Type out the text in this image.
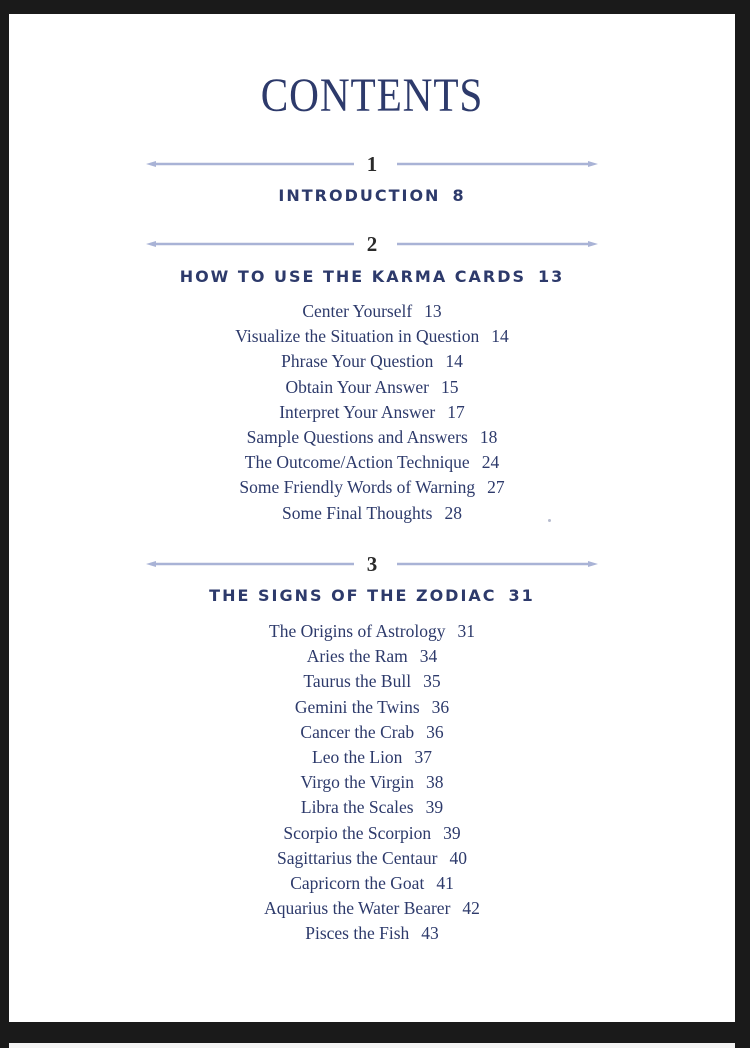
CONTENTS
1
INTRODUCTION 8
2
HOW TO USE THE KARMA CARDS 13
Center Yourself 13
Visualize the Situation in Question 14
Phrase Your Question 14
Obtain Your Answer 15
Interpret Your Answer 17
Sample Questions and Answers 18
The Outcome/Action Technique 24
Some Friendly Words of Warning 27
Some Final Thoughts 28
3
THE SIGNS OF THE ZODIAC 31
The Origins of Astrology 31
Aries the Ram 34
Taurus the Bull 35
Gemini the Twins 36
Cancer the Crab 36
Leo the Lion 37
Virgo the Virgin 38
Libra the Scales 39
Scorpio the Scorpion 39
Sagittarius the Centaur 40
Capricorn the Goat 41
Aquarius the Water Bearer 42
Pisces the Fish 43
